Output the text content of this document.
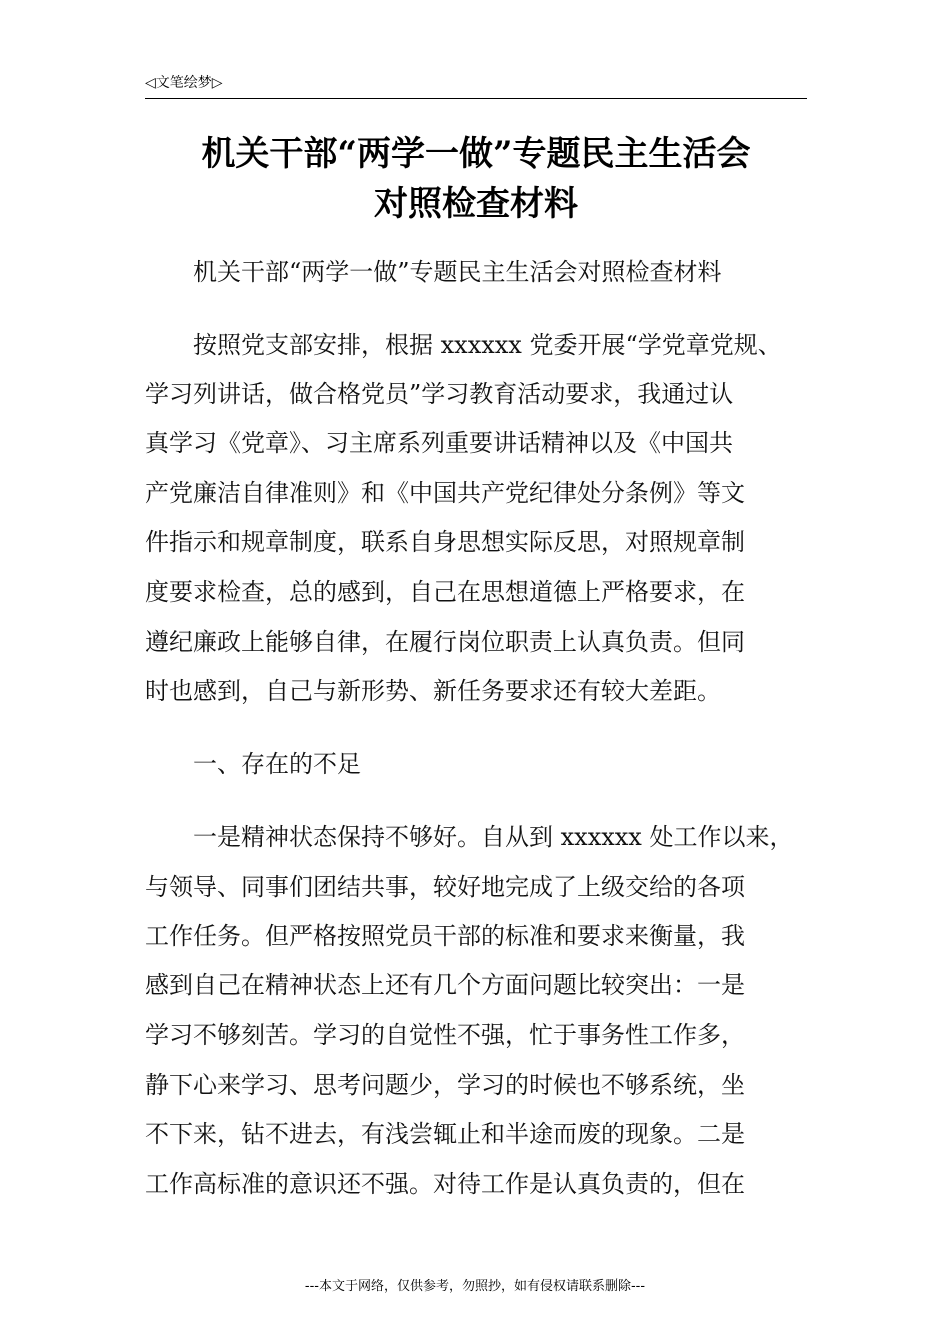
◁文笔绘梦▷
机关干部“两学一做”专题民主生活会
对照检查材料
机关干部“两学一做”专题民主生活会对照检查材料
按照党支部安排，根据 xxxxxx 党委开展“学党章党规、
学习列讲话，做合格党员”学习教育活动要求，我通过认
真学习《党章》、习主席系列重要讲话精神以及《中国共
产党廉洁自律准则》和《中国共产党纪律处分条例》等文
件指示和规章制度，联系自身思想实际反思，对照规章制
度要求检查，总的感到，自己在思想道德上严格要求，在
遵纪廉政上能够自律，在履行岗位职责上认真负责。但同
时也感到，自己与新形势、新任务要求还有较大差距。
一、存在的不足
一是精神状态保持不够好。自从到 xxxxxx 处工作以来，
与领导、同事们团结共事，较好地完成了上级交给的各项
工作任务。但严格按照党员干部的标准和要求来衡量，我
感到自己在精神状态上还有几个方面问题比较突出：一是
学习不够刻苦。学习的自觉性不强，忙于事务性工作多，
静下心来学习、思考问题少，学习的时候也不够系统，坐
不下来，钻不进去，有浅尝辄止和半途而废的现象。二是
工作高标准的意识还不强。对待工作是认真负责的，但在
---本文于网络，仅供参考，勿照抄，如有侵权请联系删除---
